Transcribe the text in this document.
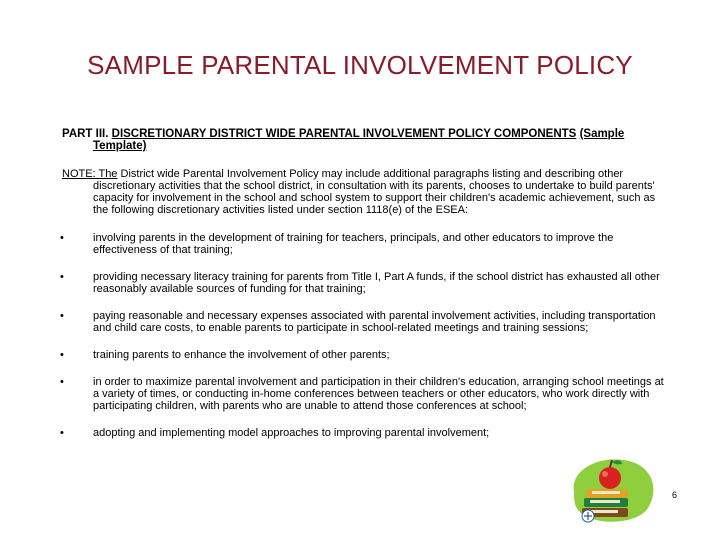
SAMPLE PARENTAL INVOLVEMENT POLICY
PART III. DISCRETIONARY DISTRICT WIDE PARENTAL INVOLVEMENT POLICY COMPONENTS (Sample
Template)
NOTE: The District wide Parental Involvement Policy may include additional paragraphs listing and describing other
discretionary activities that the school district, in consultation with its parents, chooses to undertake to build parents' capacity for involvement in the school and school system to support their children's academic achievement, such as the following discretionary activities listed under section 1118(e) of the ESEA:
•	involving parents in the development of training for teachers, principals, and other educators to improve the effectiveness of that training;
•	providing necessary literacy training for parents from Title I, Part A funds, if the school district has exhausted all other reasonably available sources of funding for that training;
•	paying reasonable and necessary expenses associated with parental involvement activities, including transportation and child care costs, to enable parents to participate in school-related meetings and training sessions;
•	training parents to enhance the involvement of other parents;
•	in order to maximize parental involvement and participation in their children's education, arranging school meetings at a variety of times, or conducting in-home conferences between teachers or other educators, who work directly with participating children, with parents who are unable to attend those conferences at school;
•	adopting and implementing model approaches to improving parental involvement;
6
